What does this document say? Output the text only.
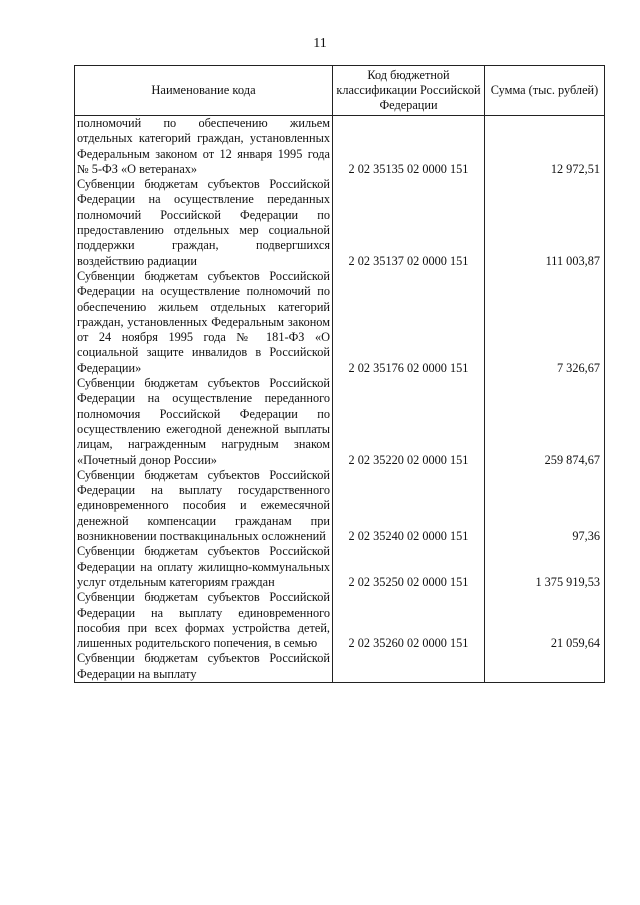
11
Наименование кода	Код бюджетной классификации Российской Федерации	Сумма (тыс. рублей)
полномочий по обеспечению жильем отдельных категорий граждан, установленных Федеральным законом от 12 января 1995 года № 5-ФЗ «О ветеранах»	2 02 35135 02 0000 151	12 972,51
Субвенции бюджетам субъектов Российской Федерации на осуществление переданных полномочий Российской Федерации по предоставлению отдельных мер социальной поддержки граждан, подвергшихся воздействию радиации	2 02 35137 02 0000 151	111 003,87
Субвенции бюджетам субъектов Российской Федерации на осуществление полномочий по обеспечению жильем отдельных категорий граждан, установленных Федеральным законом от 24 ноября 1995 года № 181-ФЗ «О социальной защите инвалидов в Российской Федерации»	2 02 35176 02 0000 151	7 326,67
Субвенции бюджетам субъектов Российской Федерации на осуществление переданного полномочия Российской Федерации по осуществлению ежегодной денежной выплаты лицам, награжденным нагрудным знаком «Почетный донор России»	2 02 35220 02 0000 151	259 874,67
Субвенции бюджетам субъектов Российской Федерации на выплату государственного единовременного пособия и ежемесячной денежной компенсации гражданам при возникновении поствакцинальных осложнений	2 02 35240 02 0000 151	97,36
Субвенции бюджетам субъектов Российской Федерации на оплату жилищно-коммунальных услуг отдельным категориям граждан	2 02 35250 02 0000 151	1 375 919,53
Субвенции бюджетам субъектов Российской Федерации на выплату единовременного пособия при всех формах устройства детей, лишенных родительского попечения, в семью	2 02 35260 02 0000 151	21 059,64
Субвенции бюджетам субъектов Российской Федерации на выплату		
